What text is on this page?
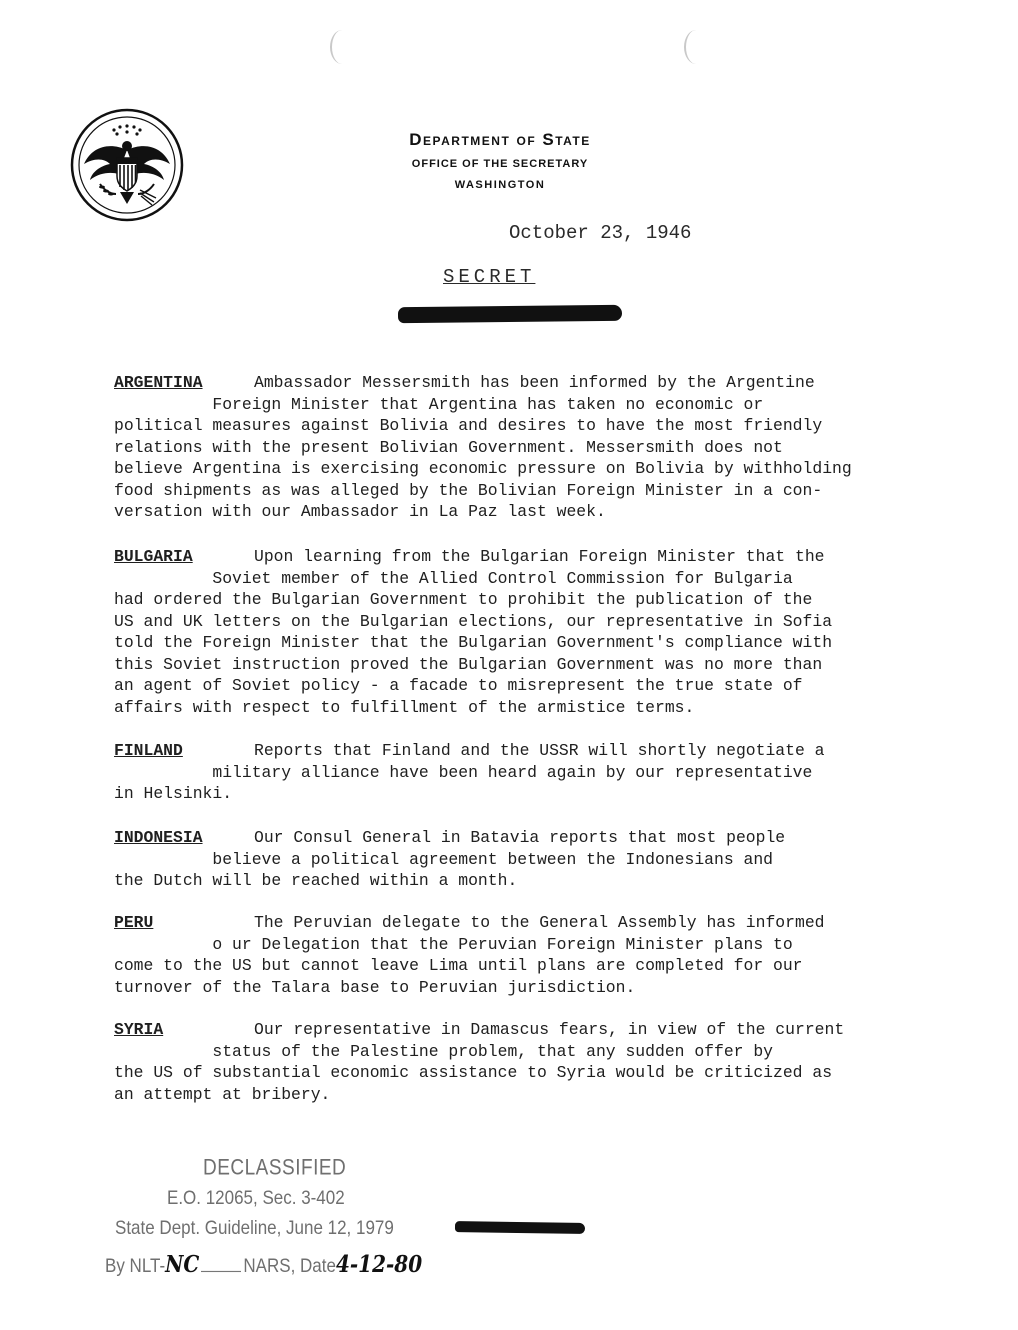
Department of State
OFFICE OF THE SECRETARY
WASHINGTON
October 23, 1946
SECRET

ARGENTINA	Ambassador Messersmith has been informed by the Argentine

Foreign Minister that Argentina has taken no economic or

political measures against Bolivia and desires to have the most friendly

relations with the present Bolivian Government. Messersmith does not

believe Argentina is exercising economic pressure on Bolivia by withholding

food shipments as was alleged by the Bolivian Foreign Minister in a con-

versation with our Ambassador in La Paz last week.

BULGARIA	Upon learning from the Bulgarian Foreign Minister that the

Soviet member of the Allied Control Commission for Bulgaria

had ordered the Bulgarian Government to prohibit the publication of the

US and UK letters on the Bulgarian elections, our representative in Sofia

told the Foreign Minister that the Bulgarian Government's compliance with

this Soviet instruction proved the Bulgarian Government was no more than

an agent of Soviet policy - a facade to misrepresent the true state of

affairs with respect to fulfillment of the armistice terms.

FINLAND	Reports that Finland and the USSR will shortly negotiate a

military alliance have been heard again by our representative

in Helsinki.

INDONESIA	Our Consul General in Batavia reports that most people

believe a political agreement between the Indonesians and

the Dutch will be reached within a month.

PERU	The Peruvian delegate to the General Assembly has informed

o ur Delegation that the Peruvian Foreign Minister plans to

come to the US but cannot leave Lima until plans are completed for our

turnover of the Talara base to Peruvian jurisdiction.

SYRIA	Our representative in Damascus fears, in view of the current

status of the Palestine problem, that any sudden offer by

the US of substantial economic assistance to Syria would be criticized as

an attempt at bribery.

DECLASSIFIED
E.O. 12065, Sec. 3-402
State Dept. Guideline, June 12, 1979
By NLT-NC	NARS, Date4-12-80
